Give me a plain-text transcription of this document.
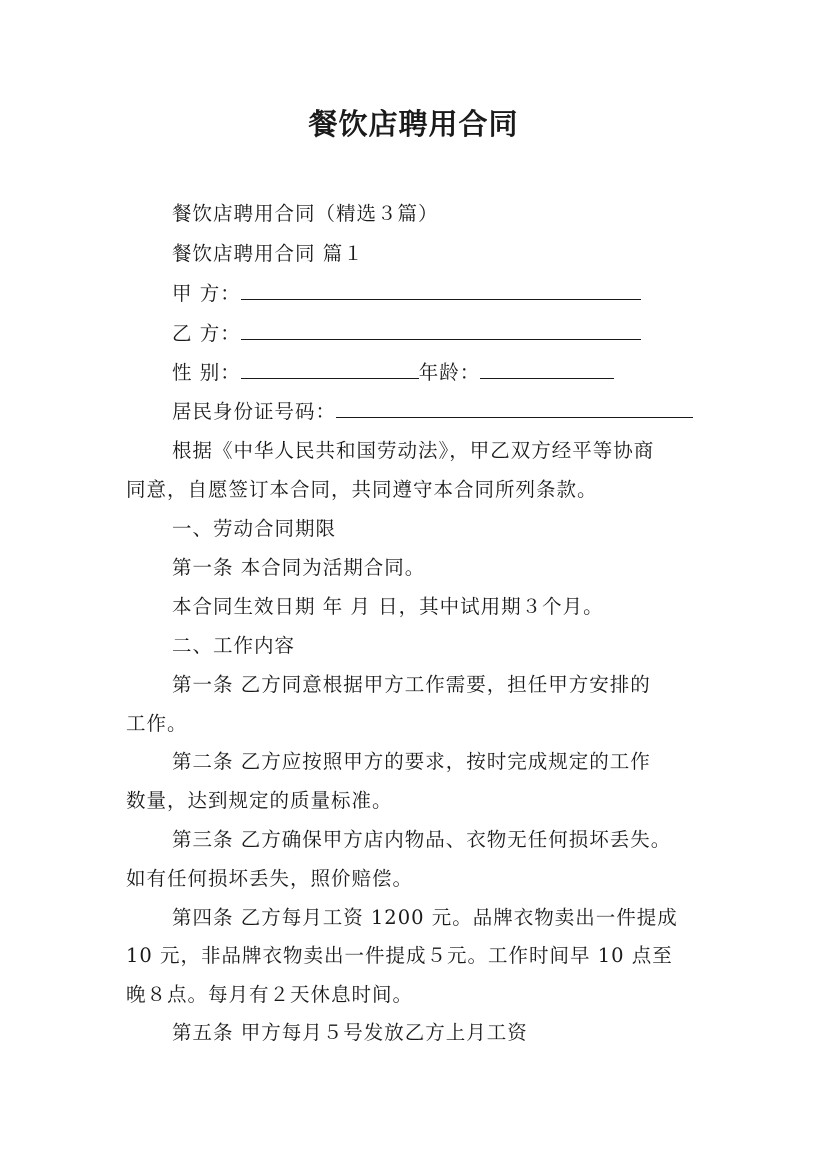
餐饮店聘用合同
餐饮店聘用合同（精选３篇）
餐饮店聘用合同 篇１
甲 方：
乙 方：
性 别：	年龄：
居民身份证号码：
根据《中华人民共和国劳动法》，甲乙双方经平等协商
同意，自愿签订本合同，共同遵守本合同所列条款。
一、劳动合同期限
第一条 本合同为活期合同。
本合同生效日期 年 月 日，其中试用期３个月。
二、工作内容
第一条 乙方同意根据甲方工作需要，担任甲方安排的
工作。
第二条 乙方应按照甲方的要求，按时完成规定的工作
数量，达到规定的质量标准。
第三条 乙方确保甲方店内物品、衣物无任何损坏丢失。
如有任何损坏丢失，照价赔偿。
第四条 乙方每月工资 1200 元。品牌衣物卖出一件提成
10 元，非品牌衣物卖出一件提成５元。工作时间早 10 点至
晚８点。每月有２天休息时间。
第五条 甲方每月５号发放乙方上月工资
